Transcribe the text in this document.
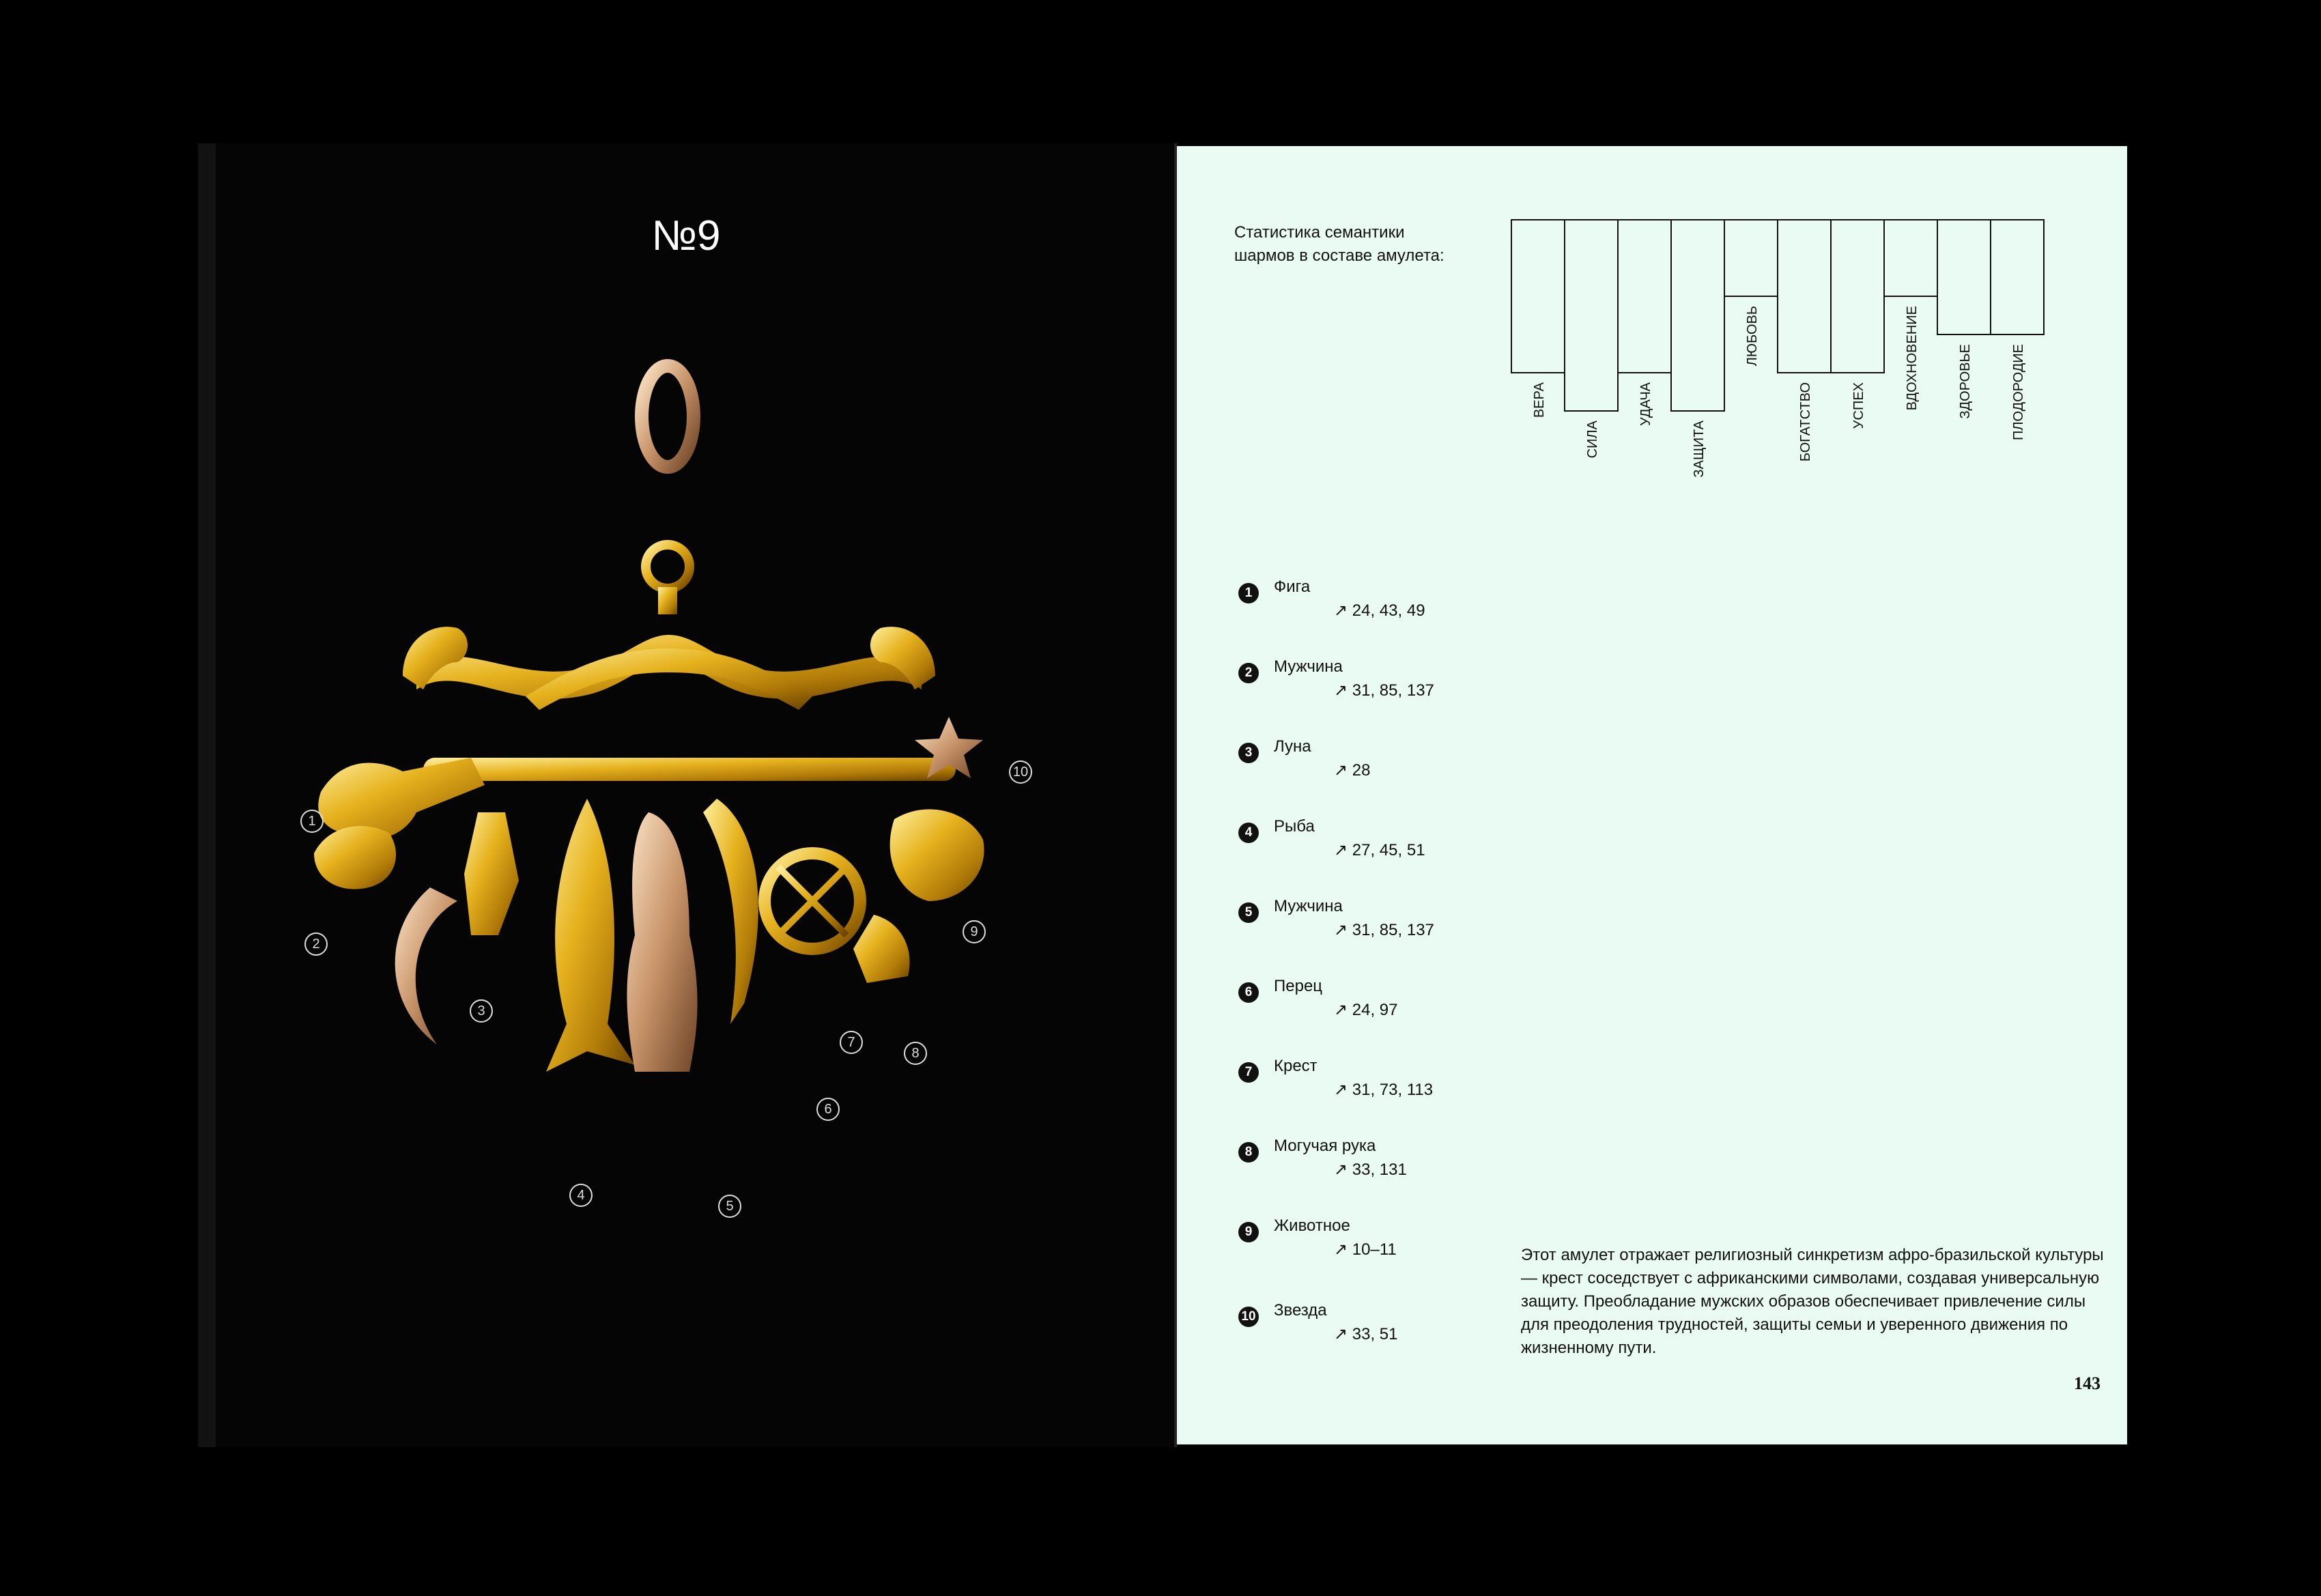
№9
1
2
3
4
5
6
7
8
9
10
Статистика семантики шармов в составе амулета:
ВЕРА
СИЛА
УДАЧА
ЗАЩИТА
ЛЮБОВЬ
БОГАТСТВО	УСПЕХ	ВДОХНОВЕНИЕ	ЗДОРОВЬЕ	ПЛОДОРОДИЕ
1	Фига
↗ 24, 43, 49
2	Мужчина
↗ 31, 85, 137
3	Луна
↗ 28
4	Рыба
↗ 27, 45, 51
5	Мужчина
↗ 31, 85, 137
6	Перец
↗ 24, 97
7	Крест
↗ 31, 73, 113
8	Могучая рука
↗ 33, 131
9	Животное
↗ 10–11
10 Звезда
↗ 33, 51
Этот амулет отражает религиозный синкретизм афро-бразильской культуры — крест соседствует с африканскими символами, создавая универсальную защиту. Преобладание мужских образов обеспечивает привлечение силы для преодоления трудностей, защиты семьи и уверенного движения по жизненному пути.
143
